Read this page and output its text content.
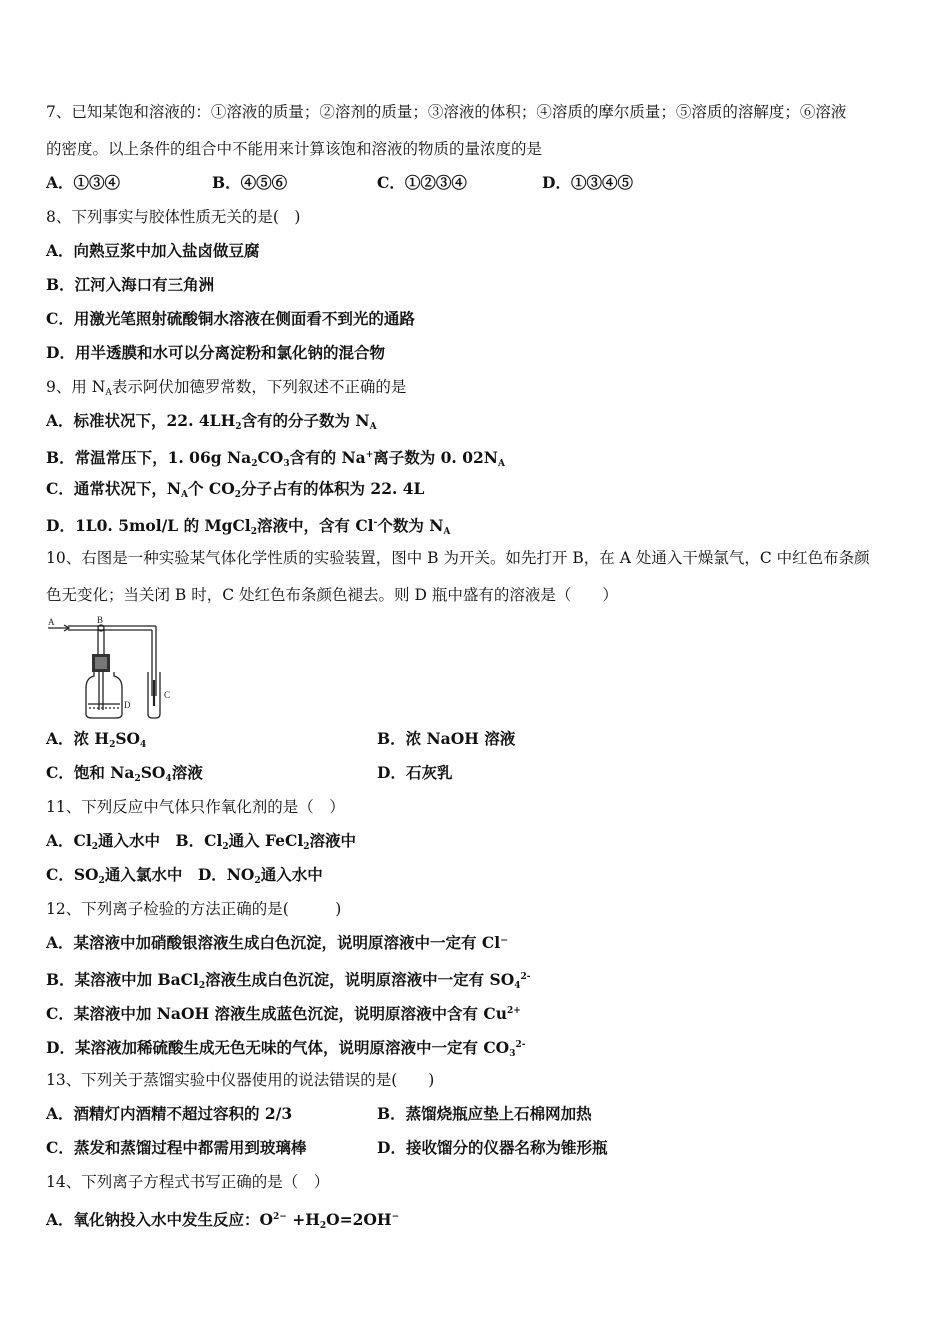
7、已知某饱和溶液的：①溶液的质量；②溶剂的质量；③溶液的体积；④溶质的摩尔质量；⑤溶质的溶解度；⑥溶液
的密度。以上条件的组合中不能用来计算该饱和溶液的物质的量浓度的是
A．①③④	B．④⑤⑥	C．①②③④	D．①③④⑤
8、下列事实与胶体性质无关的是(　)
A．向熟豆浆中加入盐卤做豆腐
B．江河入海口有三角洲
C．用激光笔照射硫酸铜水溶液在侧面看不到光的通路
D．用半透膜和水可以分离淀粉和氯化钠的混合物
9、用 $N_A$表示阿伏加德罗常数，下列叙述不正确的是
A．标准状况下，22. $4LH_2$含有的分子数为 $N_A$
B．常温常压下，1. 06g $Na_2CO_3$含有的 Na+离子数为 0. $02N_A$
C．通常状况下，$N_A$个 $CO_2$分子占有的体积为 22. 4L
D．1L0. 5mol/L 的 MgCl$_2$溶液中，含有 Cl-个数为 $N_A$
10、右图是一种实验某气体化学性质的实验装置，图中 B 为开关。如先打开 B，在 A 处通入干燥氯气，C 中红色布条颜
色无变化；当关闭 B 时，C 处红色布条颜色褪去。则 D 瓶中盛有的溶液是（　　）
A	B
C
D
A．浓 $H_2SO_4$	B．浓 NaOH 溶液
C．饱和 $Na_2SO_4$溶液	D．石灰乳
11、下列反应中气体只作氧化剂的是（　）
A．$Cl_2$通入水中　B．$Cl_2$通入 FeCl$_2$溶液中
C．$SO_2$通入氯水中　D．$NO_2$通入水中
12、下列离子检验的方法正确的是(　　　)
A．某溶液中加硝酸银溶液生成白色沉淀，说明原溶液中一定有 Cl⁻
B．某溶液中加 BaCl$_2$溶液生成白色沉淀，说明原溶液中一定有 $SO_4^{2-}$
C．某溶液中加 NaOH 溶液生成蓝色沉淀，说明原溶液中含有 $Cu^{2+}$
D．某溶液加稀硫酸生成无色无味的气体，说明原溶液中一定有 $CO_3^{2-}$
13、下列关于蒸馏实验中仪器使用的说法错误的是(　　)
A．酒精灯内酒精不超过容积的 2/3	B．蒸馏烧瓶应垫上石棉网加热
C．蒸发和蒸馏过程中都需用到玻璃棒	D．接收馏分的仪器名称为锥形瓶
14、下列离子方程式书写正确的是（　）
A．氧化钠投入水中发生反应：$O^{2-} +H_2O=2OH^-$
